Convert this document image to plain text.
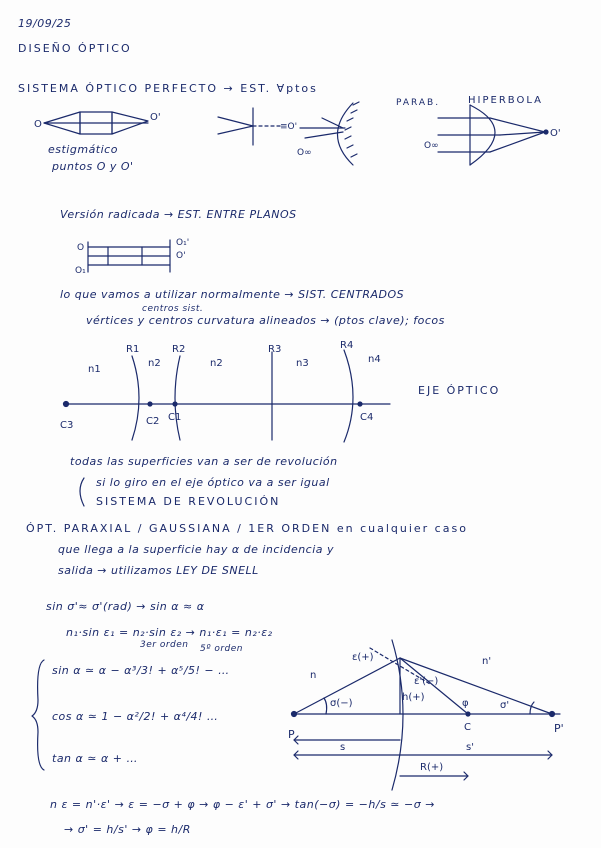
19/09/25
DISEÑO ÓPTICO
SISTEMA ÓPTICO PERFECTO → EST. ∀ptos
PARAB.	HIPERBOLA
O
O'
≡O'
O∞
O∞
O'
estigmático
puntos O y O'
Versión radicada → EST. ENTRE PLANOS
O
O₁
O₁'
O'
lo que vamos a utilizar normalmente → SIST. CENTRADOS
centros sist.
vértices y centros curvatura alineados → (ptos clave); focos
R1	R2	R3	R4
n1
n2	n2	n3	n4
C3	C2 C1	C4
EJE ÓPTICO
todas las superficies van a ser de revolución
si lo giro en el eje óptico va a ser igual
SISTEMA DE REVOLUCIÓN
ÓPT. PARAXIAL / GAUSSIANA / 1ER ORDEN en cualquier caso
que llega a la superficie hay α de incidencia y
salida → utilizamos LEY DE SNELL
sin σ'≈ σ'(rad) → sin α ≈ α
n₁·sin ε₁ = n₂·sin ε₂ → n₁·ε₁ = n₂·ε₂
3er orden 5º orden
sin α ≃ α − α³/3! + α⁵/5! − …
cos α ≃ 1 − α²/2! + α⁴/4! …
tan α ≃ α + …
n
n'
ε(+)
ε'(−)
h(+)
σ(−)	σ'
φ
P	P'
C
s	s'
R(+)
n ε = n'·ε' → ε = −σ + φ → φ − ε' + σ' → tan(−σ) = −h/s ≃ −σ →
→ σ' = h/s' → φ = h/R
